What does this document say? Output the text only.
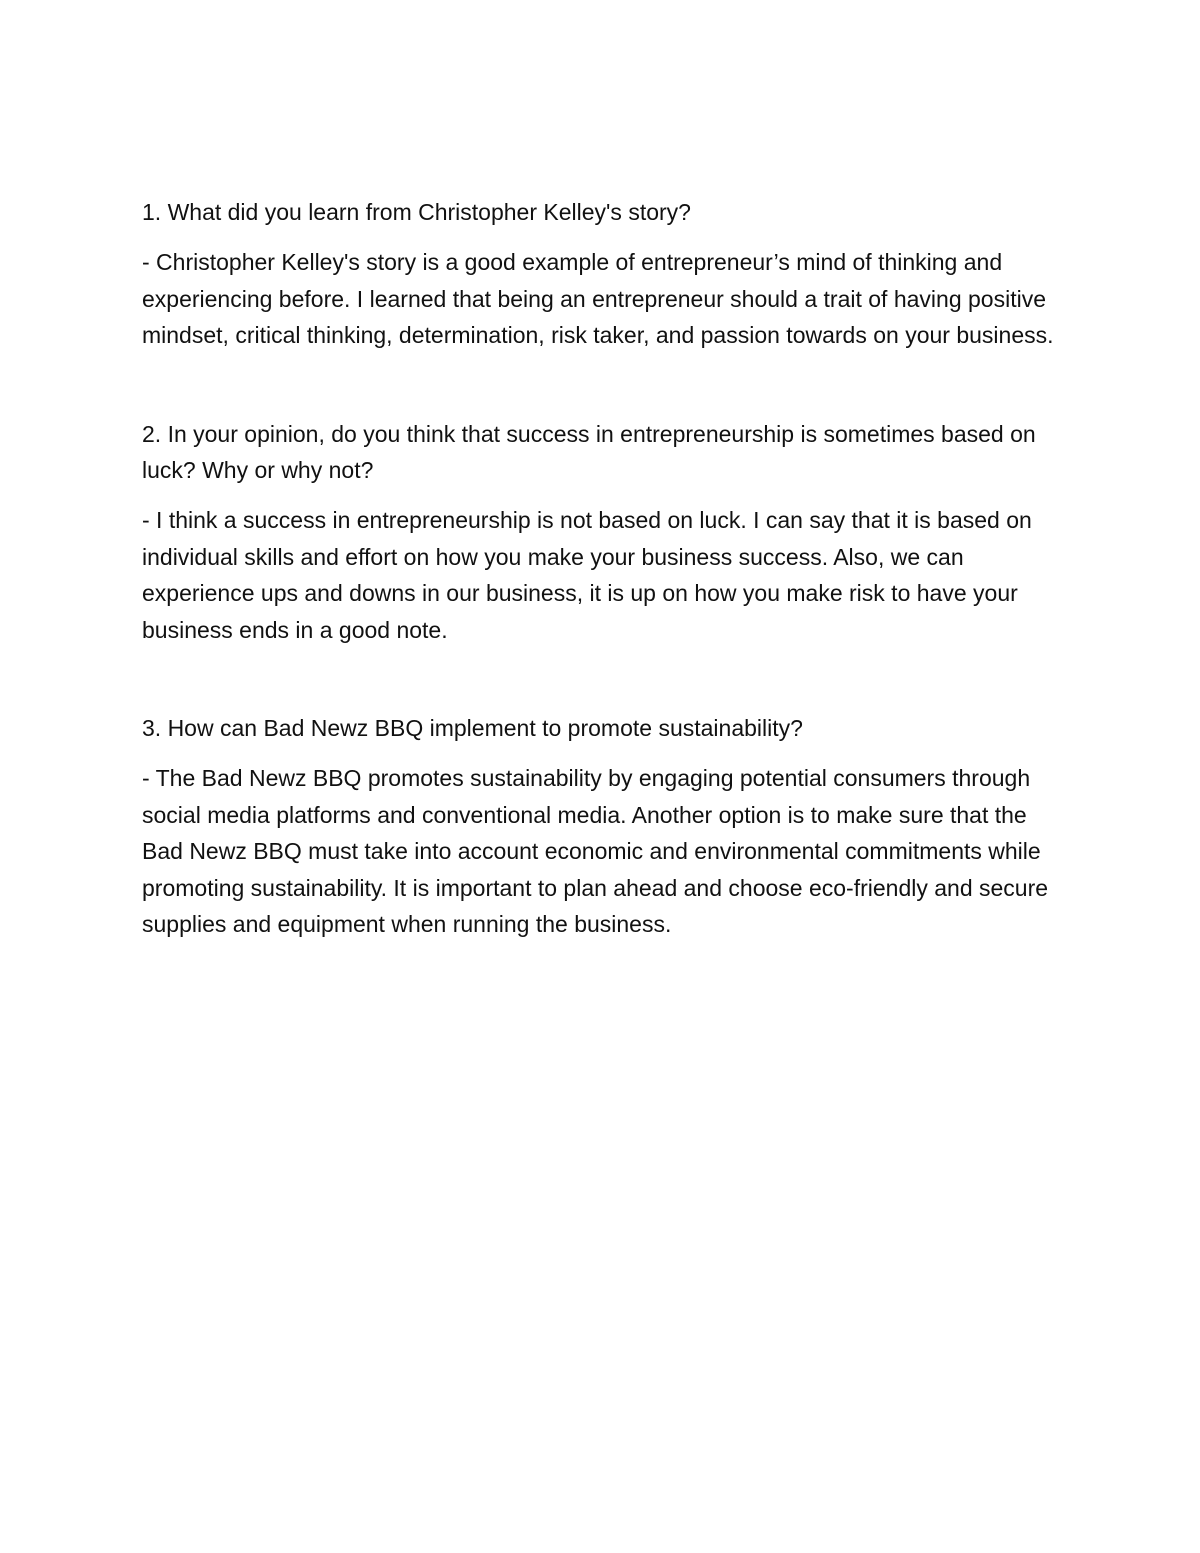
1. What did you learn from Christopher Kelley's story?

- Christopher Kelley's story is a good example of entrepreneur’s mind of thinking and experiencing before. I learned that being an entrepreneur should a trait of having positive mindset, critical thinking, determination, risk taker, and passion towards on your business.

2. In your opinion, do you think that success in entrepreneurship is sometimes based on luck? Why or why not?

- I think a success in entrepreneurship is not based on luck. I can say that it is based on individual skills and effort on how you make your business success. Also, we can experience ups and downs in our business, it is up on how you make risk to have your business ends in a good note.

3. How can Bad Newz BBQ implement to promote sustainability?

- The Bad Newz BBQ promotes sustainability by engaging potential consumers through social media platforms and conventional media. Another option is to make sure that the Bad Newz BBQ must take into account economic and environmental commitments while promoting sustainability. It is important to plan ahead and choose eco-friendly and secure supplies and equipment when running the business.
